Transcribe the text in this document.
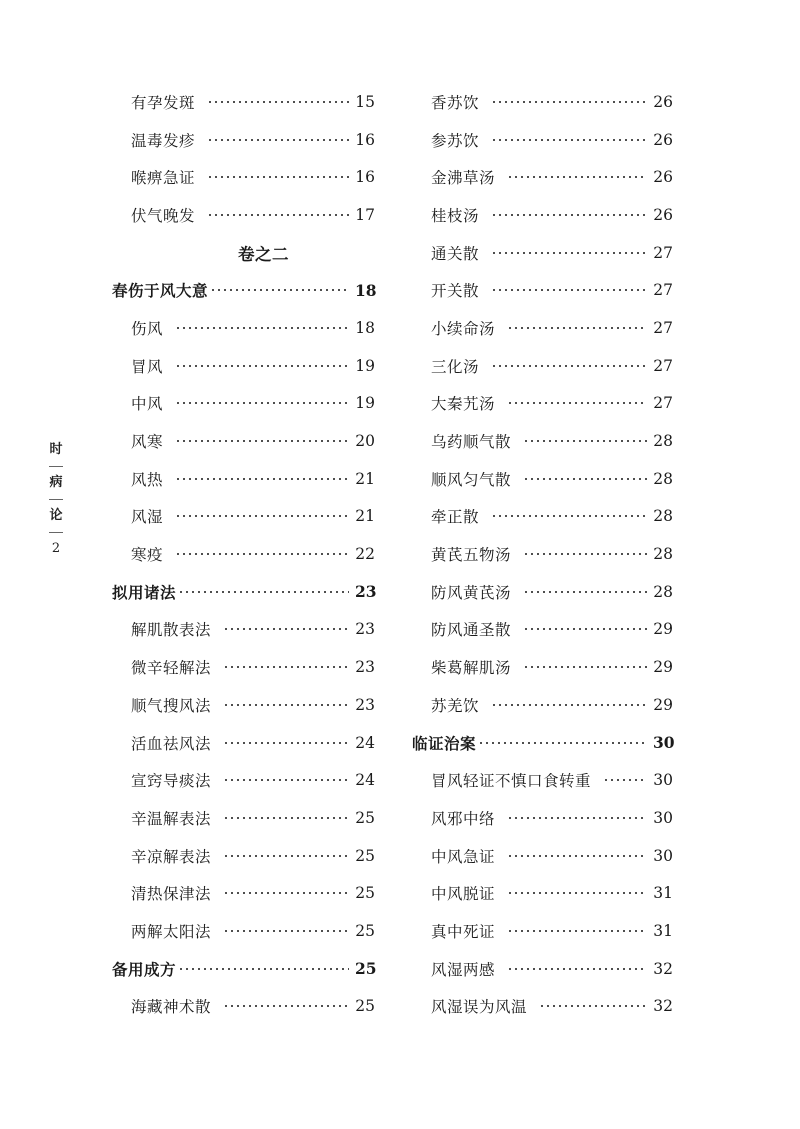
有孕发斑	15
温毒发疹	16
喉痹急证	16
伏气晚发	17
卷之二
春伤于风大意	18
伤风	18
冒风	19
中风	19
风寒	20
风热	21
风湿	21
寒疫	22
拟用诸法	23
解肌散表法	23
微辛轻解法	23
顺气搜风法	23
活血祛风法	24
宣窍导痰法	24
辛温解表法	25
辛凉解表法	25
清热保津法	25
两解太阳法	25
备用成方	25
海藏神术散	25
香苏饮	26
参苏饮	26
金沸草汤	26
桂枝汤	26
通关散	27
开关散	27
小续命汤	27
三化汤	27
大秦艽汤	27
乌药顺气散	28
顺风匀气散	28
牵正散	28
黄芪五物汤	28
防风黄芪汤	28
防风通圣散	29
柴葛解肌汤	29
苏羌饮	29
临证治案	30
冒风轻证不慎口食转重	30
风邪中络	30
中风急证	30
中风脱证	31
真中死证	31
风湿两感	32
风湿误为风温	32
时
病
论
2
